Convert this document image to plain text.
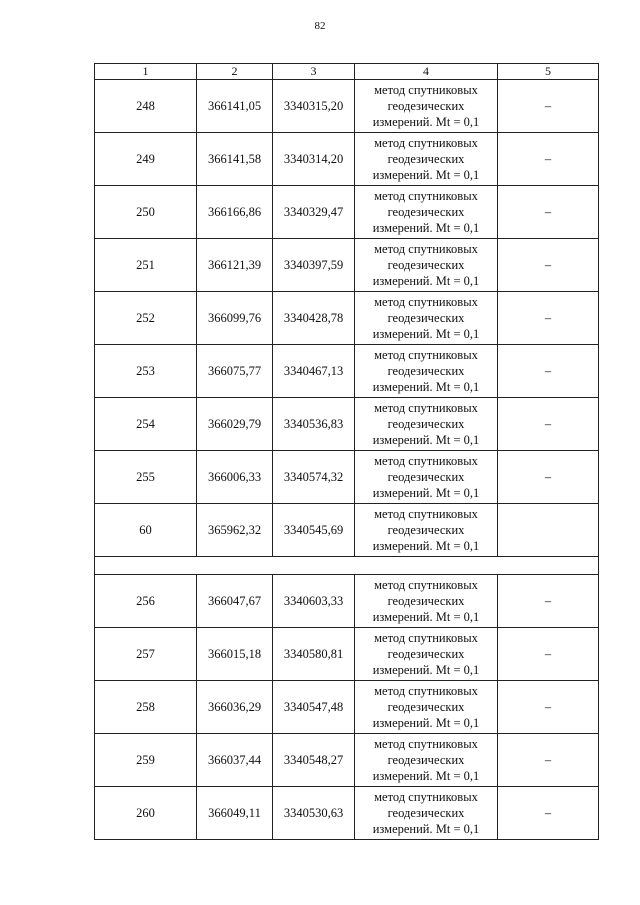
82
1	2	3	4	5
248	366141,05	3340315,20	метод спутниковых
геодезических
измерений. Mt = 0,1	–
249	366141,58	3340314,20	метод спутниковых
геодезических
измерений. Mt = 0,1	–
250	366166,86	3340329,47	метод спутниковых
геодезических
измерений. Mt = 0,1	–
251	366121,39	3340397,59	метод спутниковых
геодезических
измерений. Mt = 0,1	–
252	366099,76	3340428,78	метод спутниковых
геодезических
измерений. Mt = 0,1	–
253	366075,77	3340467,13	метод спутниковых
геодезических
измерений. Mt = 0,1	–
254	366029,79	3340536,83	метод спутниковых
геодезических
измерений. Mt = 0,1	–
255	366006,33	3340574,32	метод спутниковых
геодезических
измерений. Mt = 0,1	–
60	365962,32	3340545,69	метод спутниковых
геодезических
измерений. Mt = 0,1	

256	366047,67	3340603,33	метод спутниковых
геодезических
измерений. Mt = 0,1	–
257	366015,18	3340580,81	метод спутниковых
геодезических
измерений. Mt = 0,1	–
258	366036,29	3340547,48	метод спутниковых
геодезических
измерений. Mt = 0,1	–
259	366037,44	3340548,27	метод спутниковых
геодезических
измерений. Mt = 0,1	–
260	366049,11	3340530,63	метод спутниковых
геодезических
измерений. Mt = 0,1	–
